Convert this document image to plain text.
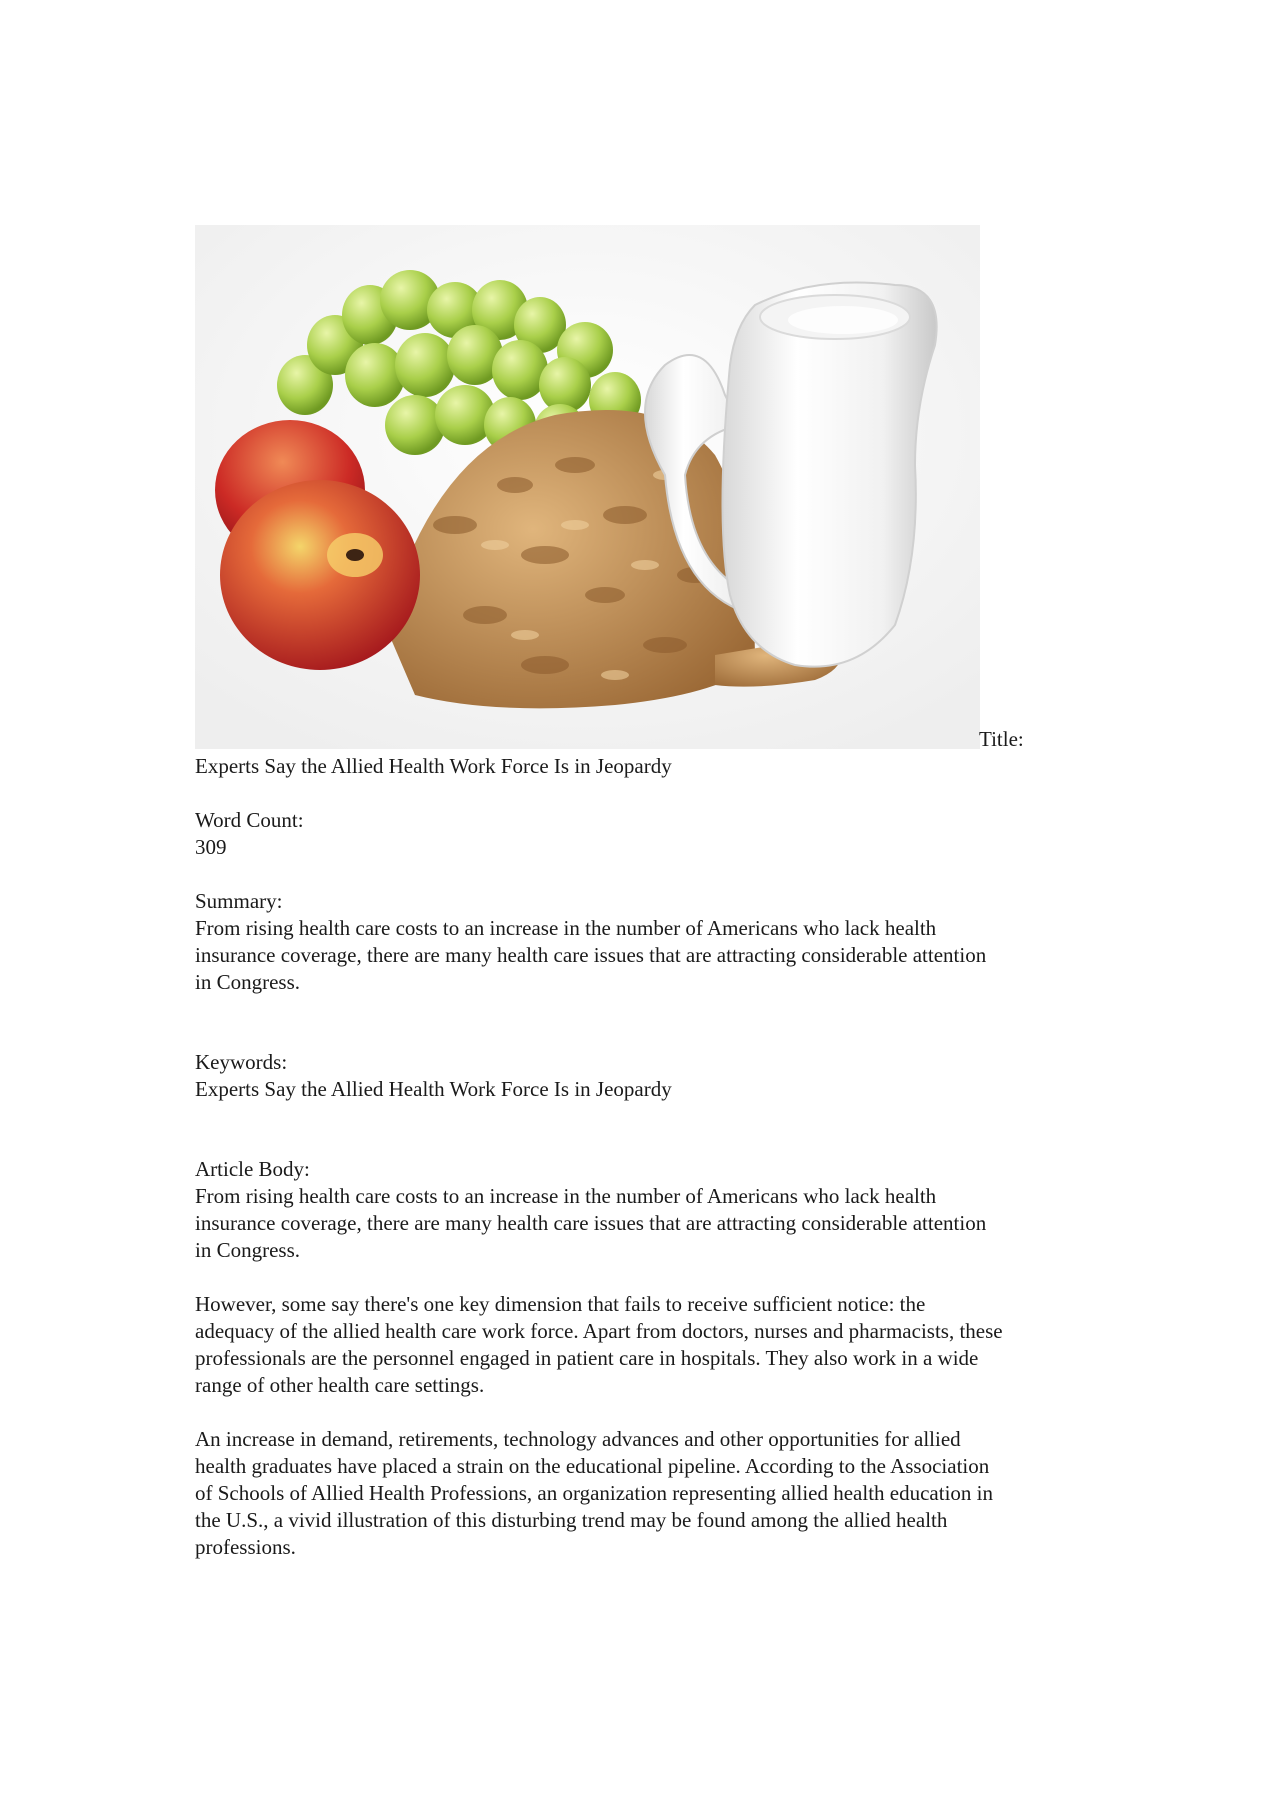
Title:

Experts Say the Allied Health Work Force Is in Jeopardy

Word Count:

309

Summary:

From rising health care costs to an increase in the number of Americans who lack health
insurance coverage, there are many health care issues that are attracting considerable attention
in Congress.

Keywords:

Experts Say the Allied Health Work Force Is in Jeopardy

Article Body:

From rising health care costs to an increase in the number of Americans who lack health
insurance coverage, there are many health care issues that are attracting considerable attention
in Congress.

However, some say there's one key dimension that fails to receive sufficient notice: the
adequacy of the allied health care work force. Apart from doctors, nurses and pharmacists, these
professionals are the personnel engaged in patient care in hospitals. They also work in a wide
range of other health care settings.

An increase in demand, retirements, technology advances and other opportunities for allied
health graduates have placed a strain on the educational pipeline. According to the Association
of Schools of Allied Health Professions, an organization representing allied health education in
the U.S., a vivid illustration of this disturbing trend may be found among the allied health
professions.
